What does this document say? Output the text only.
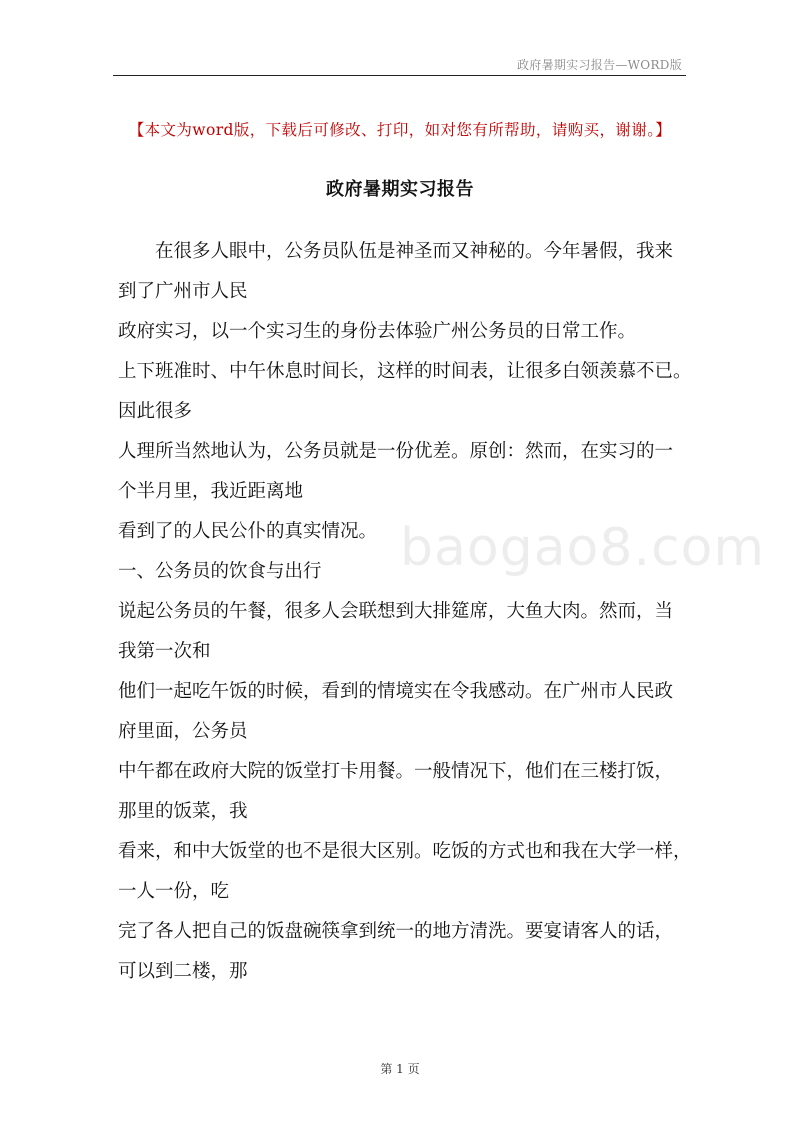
政府暑期实习报告—WORD版
【本文为word版，下载后可修改、打印，如对您有所帮助，请购买，谢谢。】
政府暑期实习报告
baogao8.com
在很多人眼中，公务员队伍是神圣而又神秘的。今年暑假，我来
到了广州市人民
政府实习，以一个实习生的身份去体验广州公务员的日常工作。
上下班准时、中午休息时间长，这样的时间表，让很多白领羡慕不已。
因此很多
人理所当然地认为，公务员就是一份优差。原创：然而，在实习的一
个半月里，我近距离地
看到了的人民公仆的真实情况。
一、公务员的饮食与出行
说起公务员的午餐，很多人会联想到大排筵席，大鱼大肉。然而，当
我第一次和
他们一起吃午饭的时候，看到的情境实在令我感动。在广州市人民政
府里面，公务员
中午都在政府大院的饭堂打卡用餐。一般情况下，他们在三楼打饭，
那里的饭菜，我
看来，和中大饭堂的也不是很大区别。吃饭的方式也和我在大学一样，
一人一份，吃
完了各人把自己的饭盘碗筷拿到统一的地方清洗。要宴请客人的话，
可以到二楼，那
第 1 页
